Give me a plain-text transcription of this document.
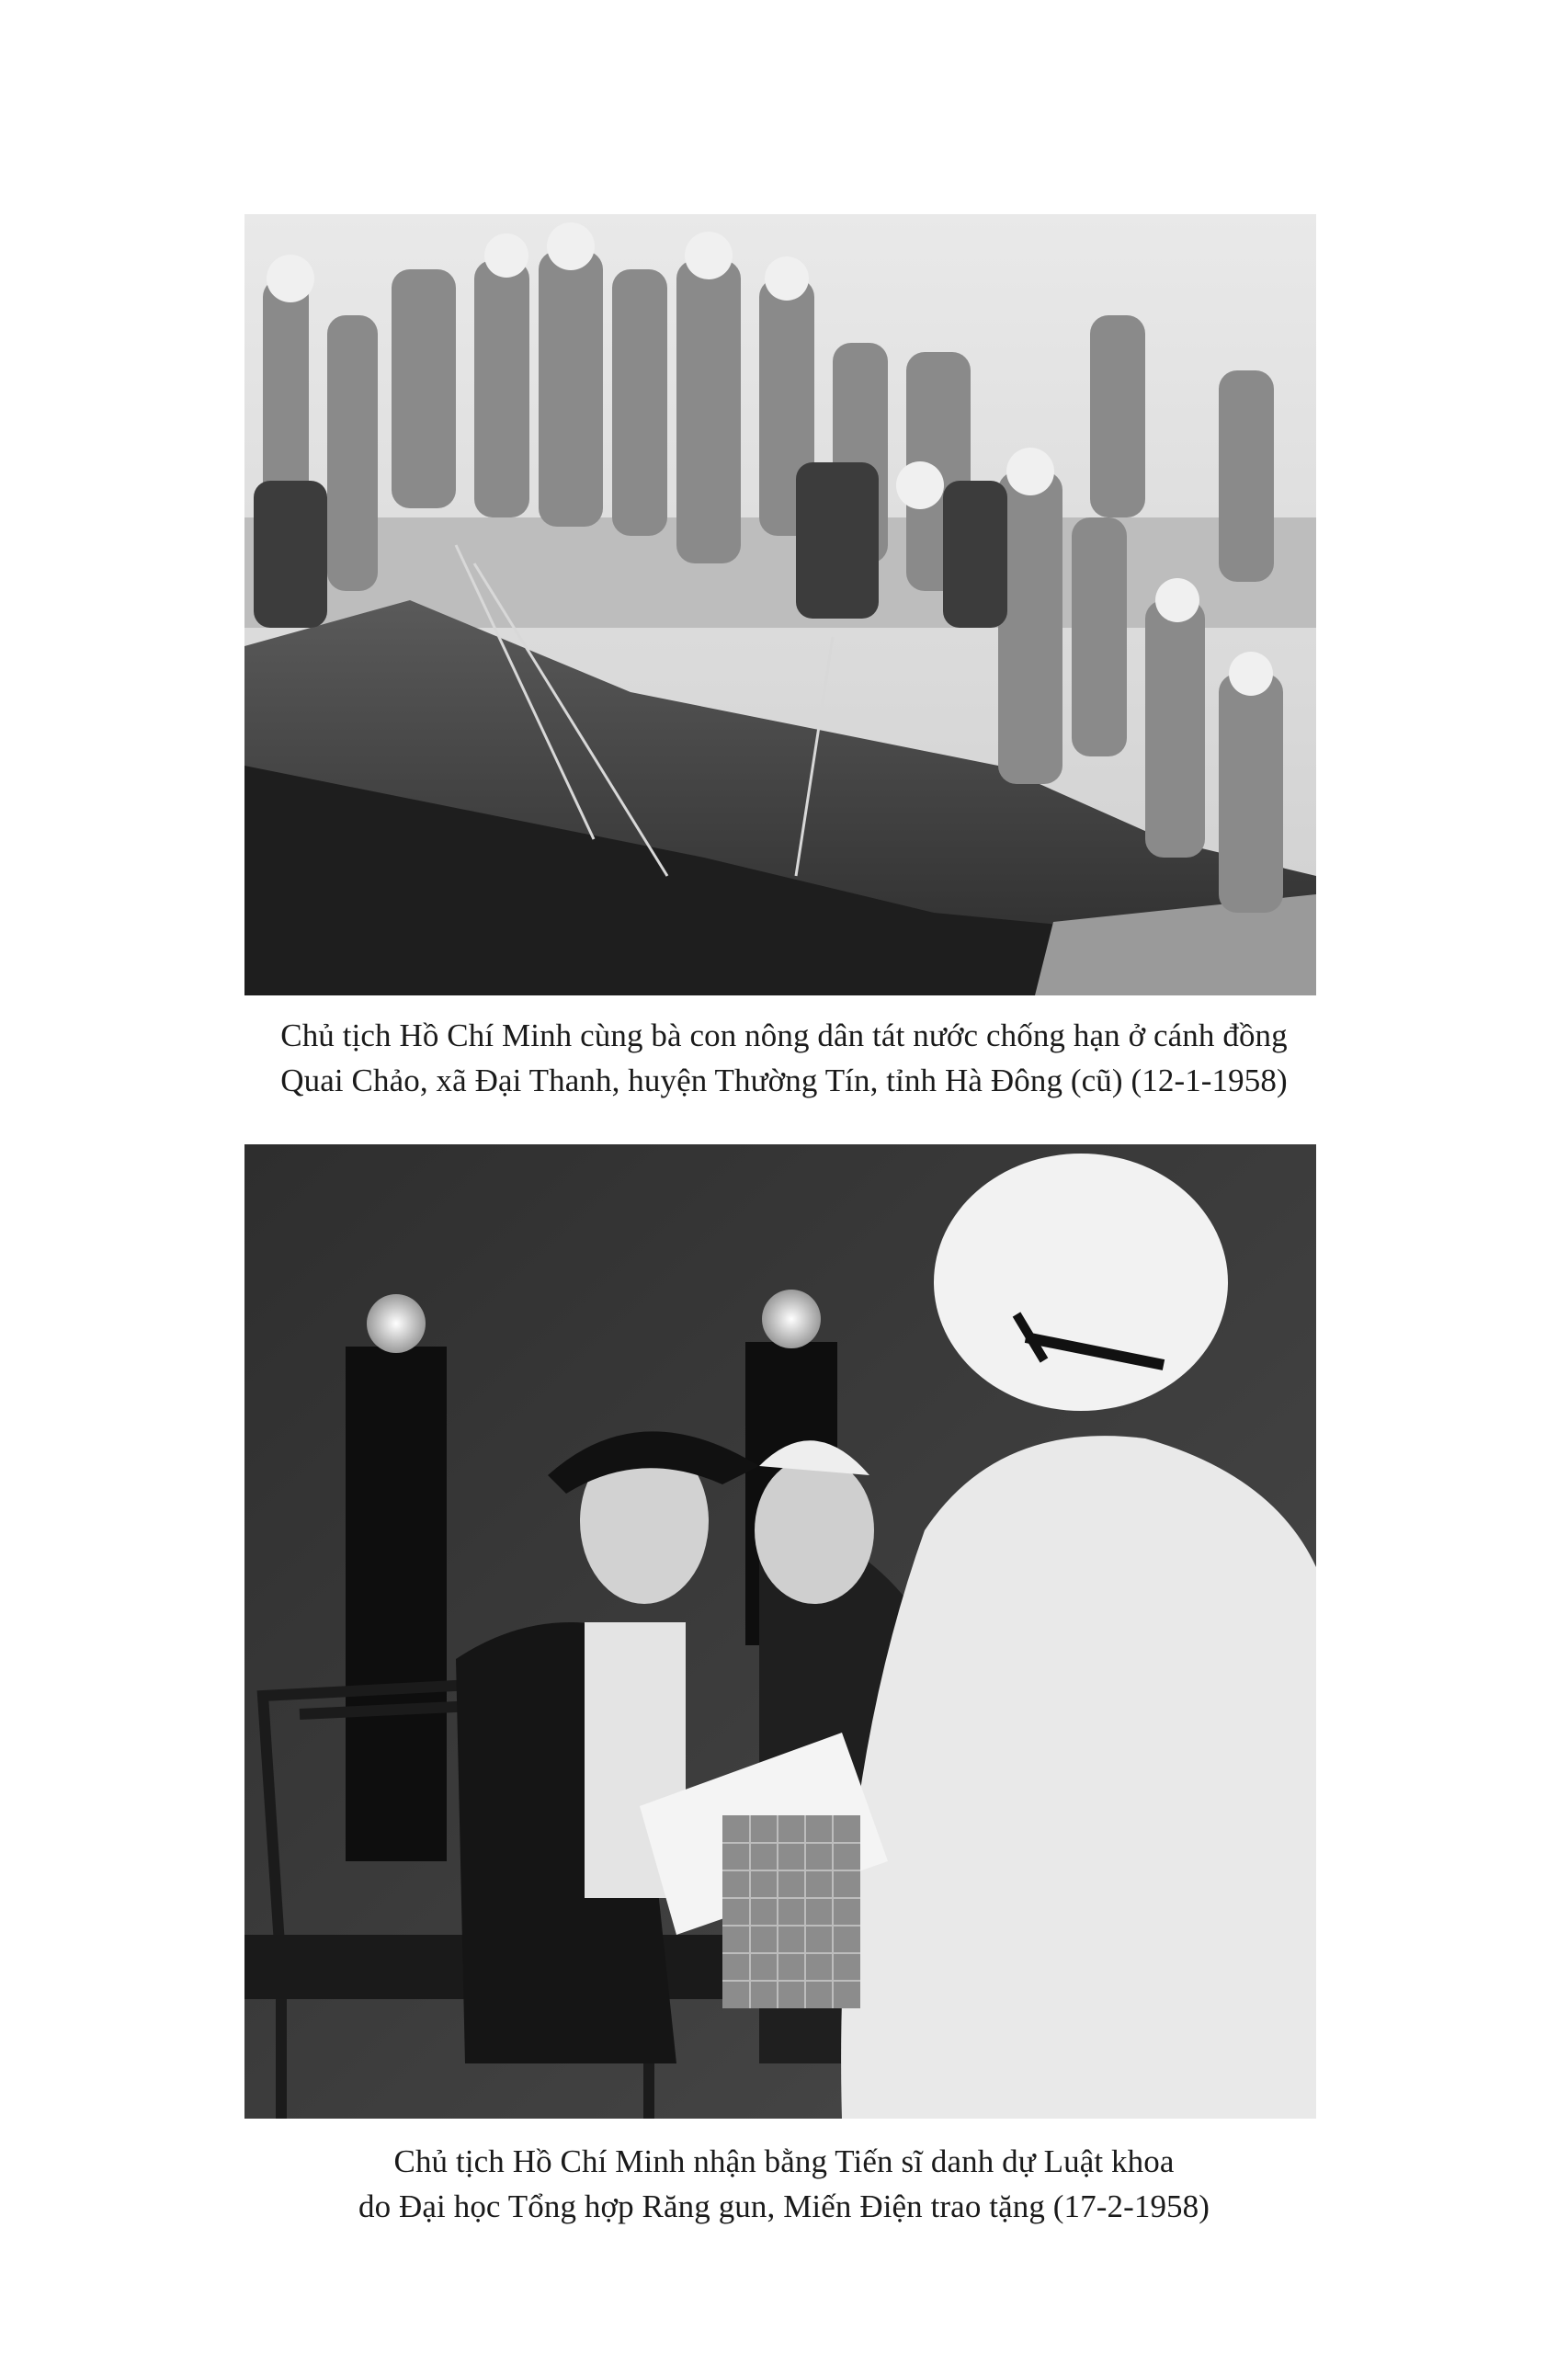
Chủ tịch Hồ Chí Minh cùng bà con nông dân tát nước chống hạn ở cánh đồng
Quai Chảo, xã Đại Thanh, huyện Thường Tín, tỉnh Hà Đông (cũ) (12-1-1958)
Chủ tịch Hồ Chí Minh nhận bằng Tiến sĩ danh dự Luật khoa
do Đại học Tổng hợp Răng gun, Miến Điện trao tặng (17-2-1958)
